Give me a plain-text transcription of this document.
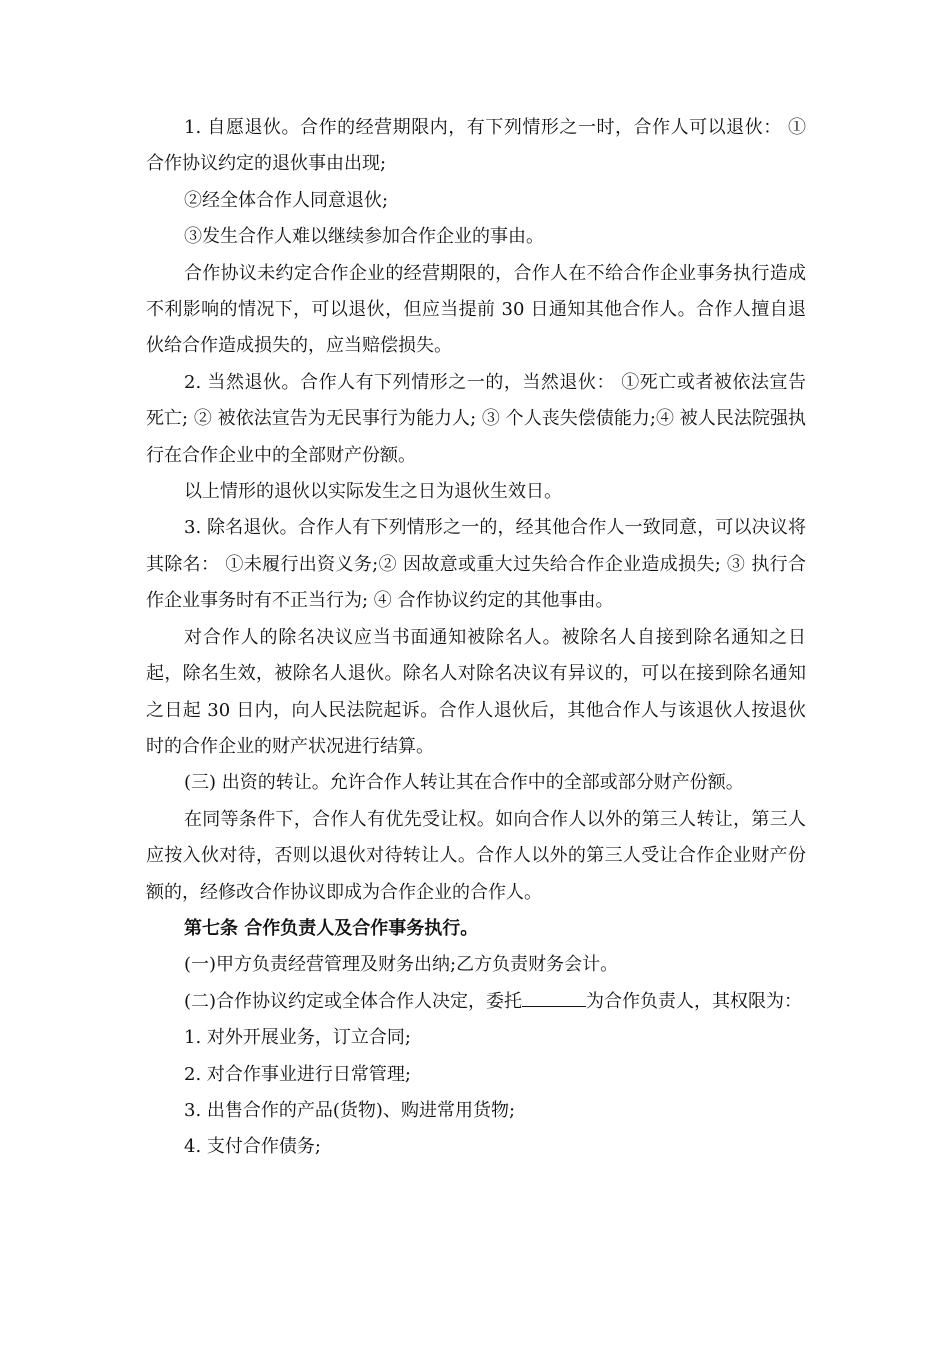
1. 自愿退伙。合作的经营期限内，有下列情形之一时，合作人可以退伙： ①合作协议约定的退伙事由出现;

②经全体合作人同意退伙;

③发生合作人难以继续参加合作企业的事由。

合作协议未约定合作企业的经营期限的，合作人在不给合作企业事务执行造成不利影响的情况下，可以退伙，但应当提前 30 日通知其他合作人。合作人擅自退伙给合作造成损失的，应当赔偿损失。

2. 当然退伙。合作人有下列情形之一的，当然退伙： ①死亡或者被依法宣告死亡; ② 被依法宣告为无民事行为能力人; ③ 个人丧失偿债能力;④ 被人民法院强执行在合作企业中的全部财产份额。

以上情形的退伙以实际发生之日为退伙生效日。

3. 除名退伙。合作人有下列情形之一的，经其他合作人一致同意，可以决议将其除名： ①未履行出资义务;② 因故意或重大过失给合作企业造成损失; ③ 执行合作企业事务时有不正当行为; ④ 合作协议约定的其他事由。

对合作人的除名决议应当书面通知被除名人。被除名人自接到除名通知之日起，除名生效，被除名人退伙。除名人对除名决议有异议的，可以在接到除名通知之日起 30 日内，向人民法院起诉。合作人退伙后，其他合作人与该退伙人按退伙时的合作企业的财产状况进行结算。

(三) 出资的转让。允许合作人转让其在合作中的全部或部分财产份额。

在同等条件下，合作人有优先受让权。如向合作人以外的第三人转让，第三人应按入伙对待，否则以退伙对待转让人。合作人以外的第三人受让合作企业财产份额的，经修改合作协议即成为合作企业的合作人。

第七条 合作负责人及合作事务执行。

(一)甲方负责经营管理及财务出纳;乙方负责财务会计。

(二)合作协议约定或全体合作人决定，委托	为合作负责人，其权限为：

1. 对外开展业务，订立合同;

2. 对合作事业进行日常管理;

3. 出售合作的产品(货物)、购进常用货物;

4. 支付合作债务;
